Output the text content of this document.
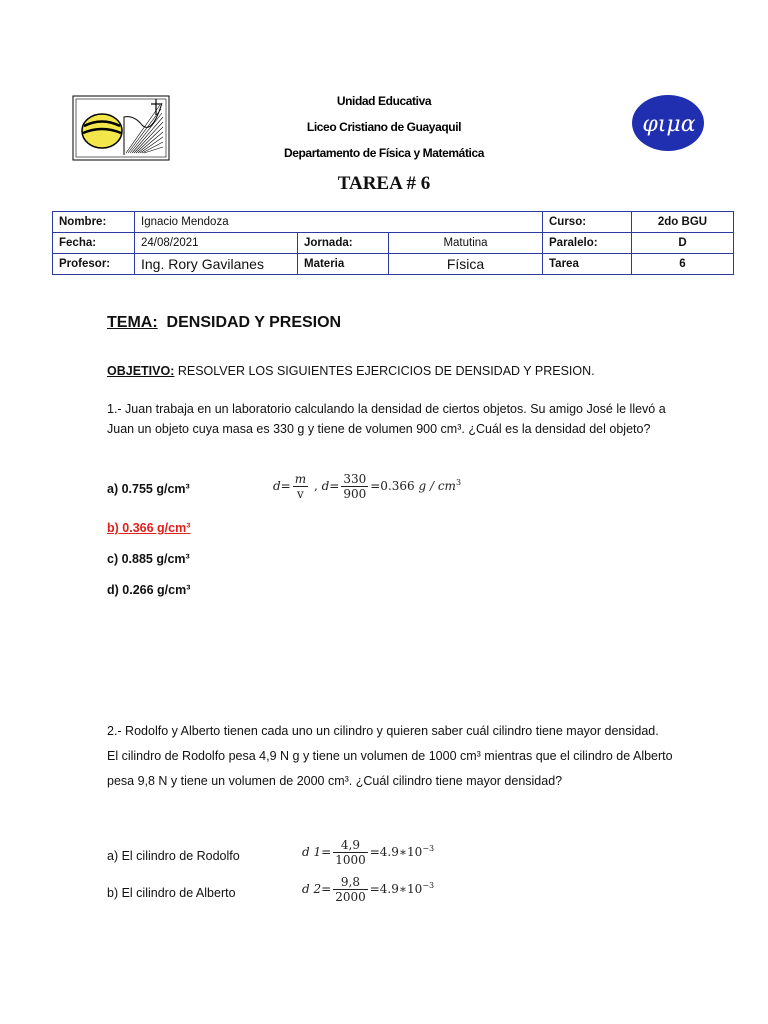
φιμα
Unidad Educativa
Liceo Cristiano de Guayaquil
Departamento de Física y Matemática
TAREA # 6
Nombre:	Ignacio Mendoza			Curso:	2do BGU
Fecha:	24/08/2021	Jornada:	Matutina	Paralelo:	D
Profesor:	Ing. Rory Gavilanes	Materia	Física	Tarea	6
TEMA: DENSIDAD Y PRESION
OBJETIVO: RESOLVER LOS SIGUIENTES EJERCICIOS DE DENSIDAD Y PRESION.
1.- Juan trabaja en un laboratorio calculando la densidad de ciertos objetos. Su amigo José le llevó a Juan un objeto cuya masa es 330 g y tiene de volumen 900 cm³. ¿Cuál es la densidad del objeto?
a) 0.755 g/cm³
b) 0.366 g/cm³
c) 0.885 g/cm³
d) 0.266 g/cm³
$d= \frac{m}{v}$ , $d= \frac{330}{900} =0.366$ g / $cm^3$
2.- Rodolfo y Alberto tienen cada uno un cilindro y quieren saber cuál cilindro tiene mayor densidad.
El cilindro de Rodolfo pesa 4,9 N g y tiene un volumen de 1000 cm³ mientras que el cilindro de Alberto pesa 9,8 N y tiene un volumen de 2000 cm³. ¿Cuál cilindro tiene mayor densidad?
a) El cilindro de Rodolfo
b) El cilindro de Alberto
d $1= \frac{4,9}{1000}$ $=4.9∗10^{-3}$
d $2= \frac{9,8}{2000}$ $=4.9∗10^{-3}$
